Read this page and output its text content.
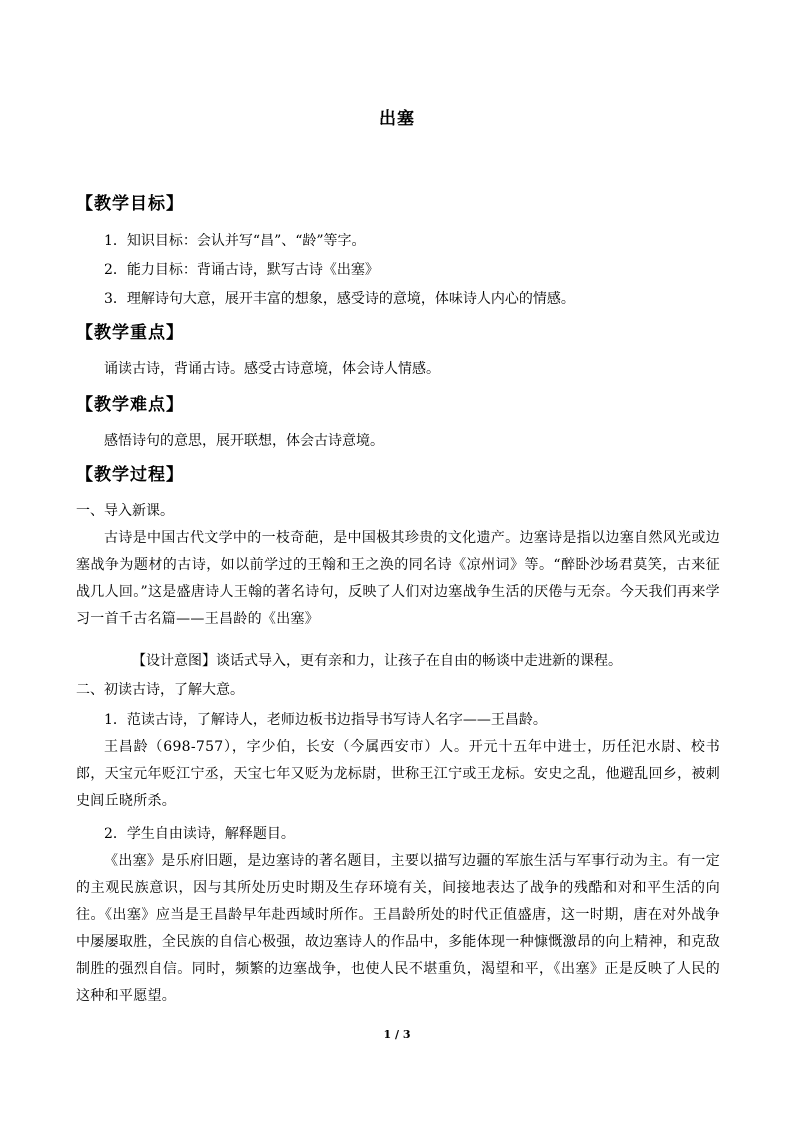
出塞
【教学目标】
1．知识目标：会认并写“昌”、“龄”等字。
2．能力目标：背诵古诗，默写古诗《出塞》
3．理解诗句大意，展开丰富的想象，感受诗的意境，体味诗人内心的情感。
【教学重点】
诵读古诗，背诵古诗。感受古诗意境，体会诗人情感。
【教学难点】
感悟诗句的意思，展开联想，体会古诗意境。
【教学过程】
一、导入新课。
古诗是中国古代文学中的一枝奇葩，是中国极其珍贵的文化遗产。边塞诗是指以边塞自然风光或边塞战争为题材的古诗，如以前学过的王翰和王之涣的同名诗《凉州词》等。“醉卧沙场君莫笑，古来征战几人回。”这是盛唐诗人王翰的著名诗句，反映了人们对边塞战争生活的厌倦与无奈。今天我们再来学习一首千古名篇——王昌龄的《出塞》
【设计意图】谈话式导入，更有亲和力，让孩子在自由的畅谈中走进新的课程。
二、初读古诗，了解大意。
1．范读古诗，了解诗人，老师边板书边指导书写诗人名字——王昌龄。
王昌龄（698-757），字少伯，长安（今属西安市）人。开元十五年中进士，历任汜水尉、校书郎，天宝元年贬江宁丞，天宝七年又贬为龙标尉，世称王江宁或王龙标。安史之乱，他避乱回乡，被刺史闾丘晓所杀。
2．学生自由读诗，解释题目。
《出塞》是乐府旧题，是边塞诗的著名题目，主要以描写边疆的军旅生活与军事行动为主。有一定的主观民族意识，因与其所处历史时期及生存环境有关，间接地表达了战争的残酷和对和平生活的向往。《出塞》应当是王昌龄早年赴西域时所作。王昌龄所处的时代正值盛唐，这一时期，唐在对外战争中屡屡取胜，全民族的自信心极强，故边塞诗人的作品中，多能体现一种慷慨激昂的向上精神，和克敌制胜的强烈自信。同时，频繁的边塞战争，也使人民不堪重负，渴望和平，《出塞》正是反映了人民的这种和平愿望。
1 / 3
